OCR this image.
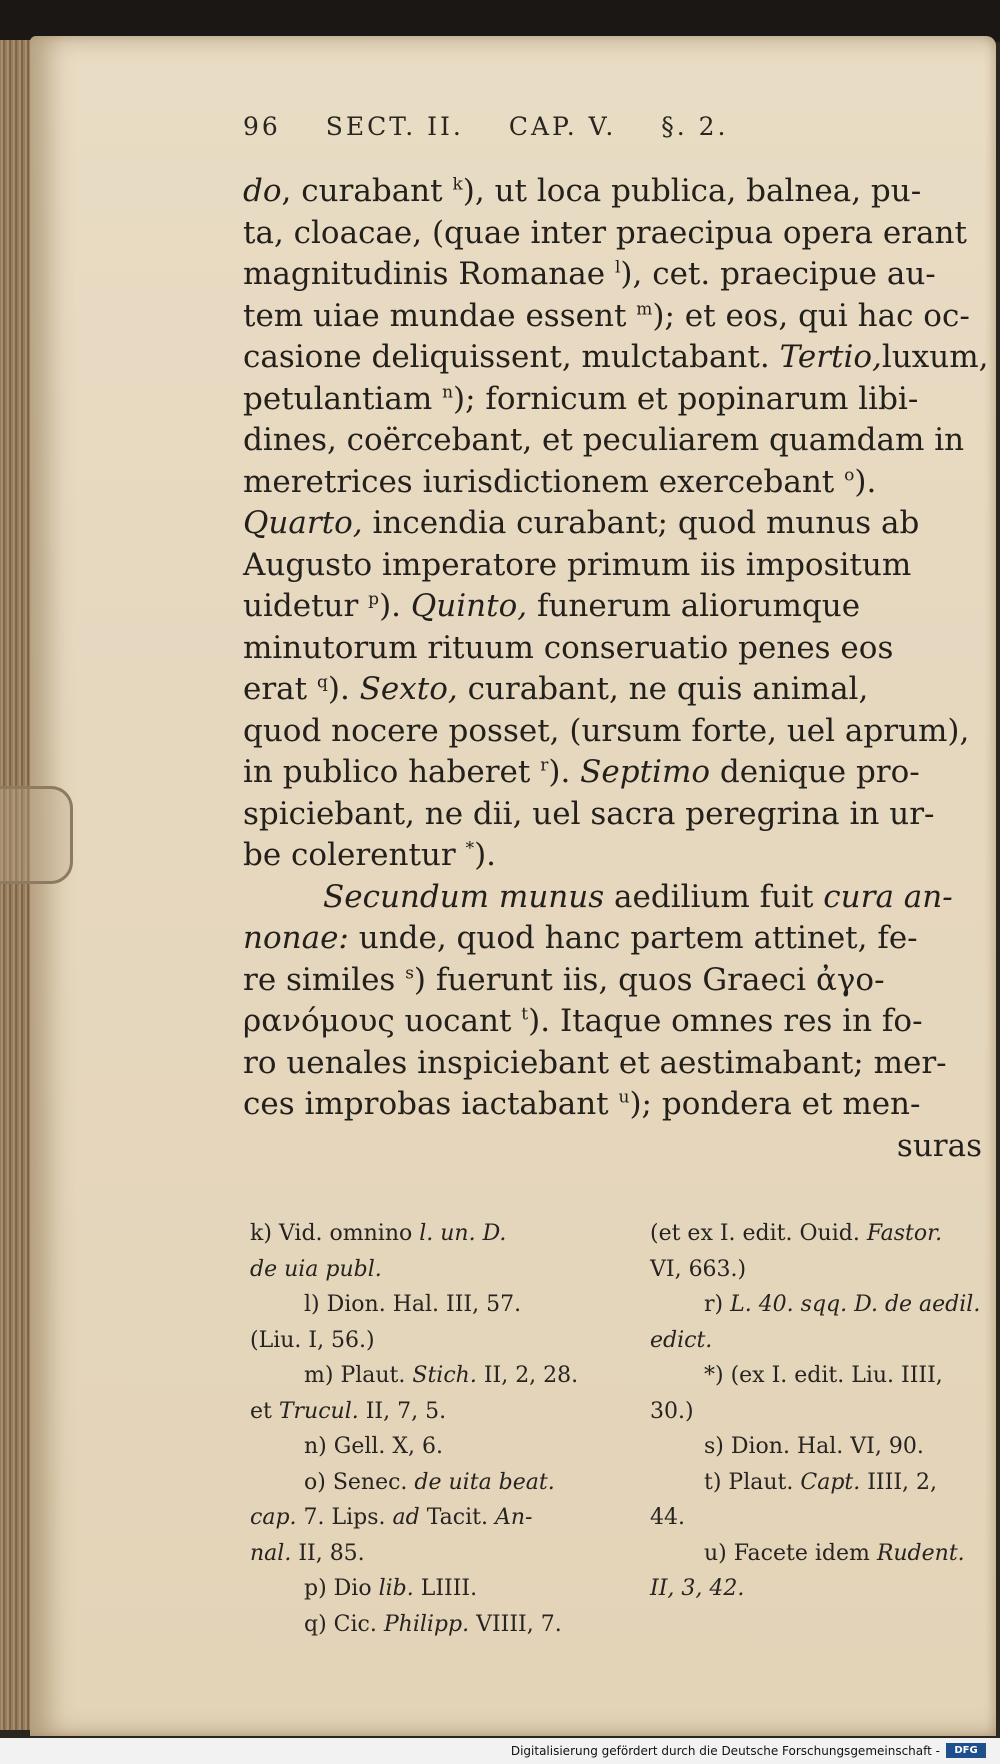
96 SECT. II. CAP. V. §. 2.
do, curabant $^k$), ut loca publica, balnea, pu-
ta, cloacae, (quae inter praecipua opera erant
magnitudinis Romanae $^l$), cet. praecipue au-
tem uiae mundae essent $^m$); et eos, qui hac oc-
casione deliquissent, mulctabant. Tertio,luxum,
petulantiam $^n$); fornicum et popinarum libi-
dines, coërcebant, et peculiarem quamdam in
meretrices iurisdictionem exercebant $^o$).
Quarto, incendia curabant; quod munus ab
Augusto imperatore primum iis impositum
uidetur $^p$). Quinto, funerum aliorumque
minutorum rituum conseruatio penes eos
erat $^q$). Sexto, curabant, ne quis animal,
quod nocere posset, (ursum forte, uel aprum),
in publico haberet $^r$). Septimo denique pro-
spiciebant, ne dii, uel sacra peregrina in ur-
be colerentur *).
Secundum munus aedilium fuit cura an-
nonae: unde, quod hanc partem attinet, fe-
re similes $^s$) fuerunt iis, quos Graeci ἀγο-
ρανόμους uocant $^t$). Itaque omnes res in fo-
ro uenales inspiciebant et aestimabant; mer-
ces improbas iactabant $^u$); pondera et men-
suras
k) Vid. omnino l. un. D.
de uia publ.
l) Dion. Hal. III, 57.
(Liu. I, 56.)
m) Plaut. Stich. II, 2, 28.
et Trucul. II, 7, 5.
n) Gell. X, 6.
o) Senec. de uita beat.
cap. 7. Lips. ad Tacit. An-
nal. II, 85.
p) Dio lib. LIIII.
q) Cic. Philipp. VIIII, 7.
(et ex I. edit. Ouid. Fastor.
VI, 663.)
r) L. 40. sqq. D. de aedil.
edict.
*) (ex I. edit. Liu. IIII,
30.)
s) Dion. Hal. VI, 90.
t) Plaut. Capt. IIII, 2,
44.
u) Facete idem Rudent.
II, 3, 42.
Digitalisierung gefördert durch die Deutsche Forschungsgemeinschaft -	DFG
